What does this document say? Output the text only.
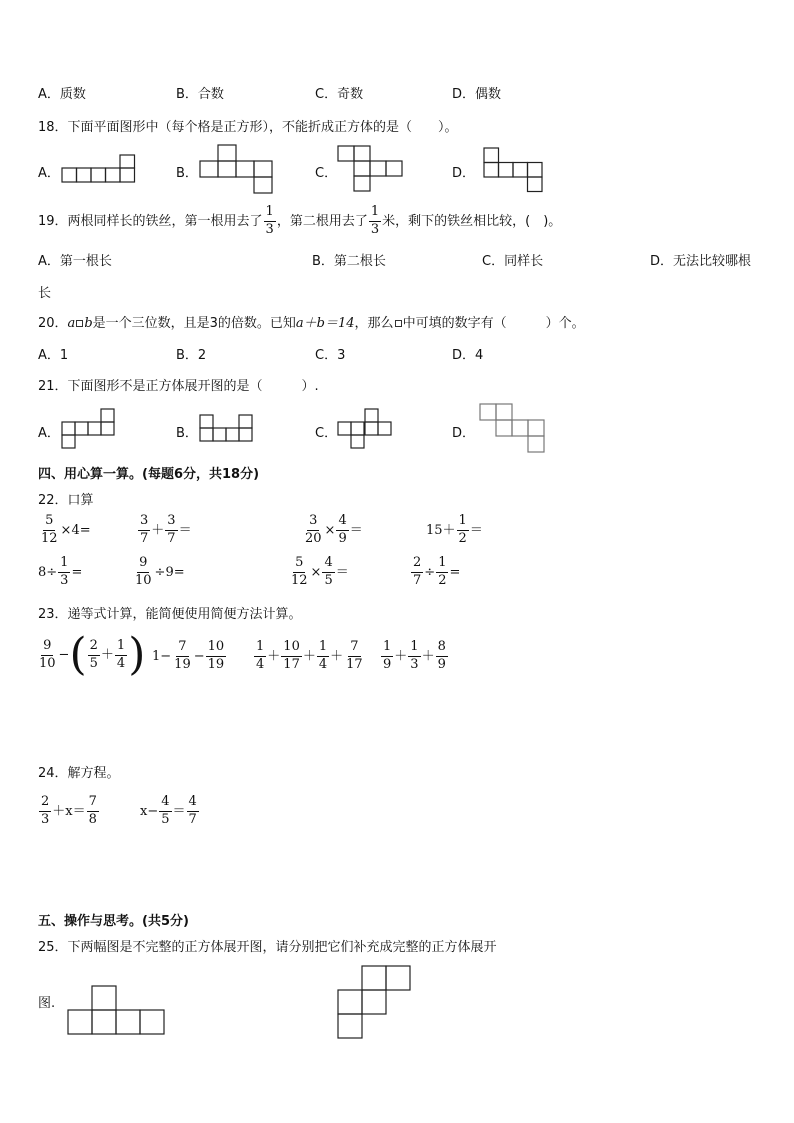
A．质数	B．合数	C．奇数	D．偶数
18．下面平面图形中（每个格是正方形），不能折成正方体的是（　　）。
A．	B．	C．	D．
19．两根同样长的铁丝，第一根用去了 $\frac{1}{3}$ ，第二根用去了 $\frac{1}{3}$ 米，剩下的铁丝相比较，(　)。
A．第一根长	B．第二根长	C．同样长	D．无法比较哪根
长
20．a b是一个三位数，且是3的倍数。已知a＋b＝14，那么 中可填的数字有（　　　）个。
A．1	B．2	C．3	D．4
21．下面图形不是正方体展开图的是（　　　）.
A．	B．	C．	D．
四、用心算一算。(每题6分，共18分)
22．口算
$\frac{5}{12} \times 4=$	$\frac{3}{7} + \frac{3}{7}$ ＝	$\frac{3}{20} \times \frac{4}{9}$ ＝	$15+ \frac{1}{2}$ ＝
$8\div \frac{1}{3}$ =	$\frac{9}{10} \div 9=$	$\frac{5}{12} \times \frac{4}{5}$ ＝	$\frac{2}{7} \div \frac{1}{2}$ =
23．递等式计算，能简便使用简便方法计算。
$\frac{9}{10}$ −( $\frac{2}{5} + \frac{1}{4}$ ) $1- \frac{7}{19} - \frac{10}{19} \frac{1}{4} + \frac{10}{17} + \frac{1}{4} + \frac{7}{17} \frac{1}{9} + \frac{1}{3} + \frac{8}{9}$
24．解方程。
$\frac{2}{3} +x= \frac{7}{8}$	$x- \frac{4}{5} = \frac{4}{7}$
五、操作与思考。(共5分)
25．下两幅图是不完整的正方体展开图，请分别把它们补充成完整的正方体展开
图.
